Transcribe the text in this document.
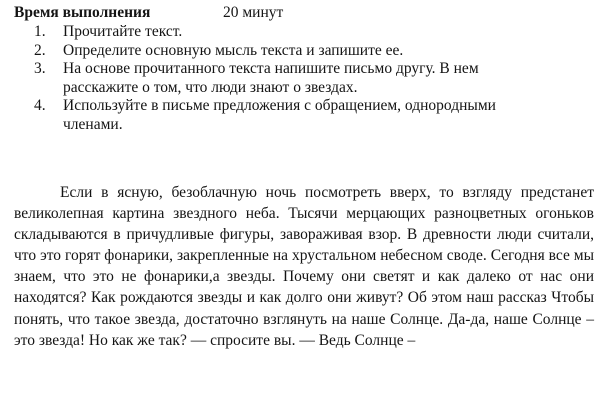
Время выполнения	20 минут
1. Прочитайте текст.
2. Определите основную мысль текста и запишите ее.
3. На основе прочитанного текста напишите письмо другу. В нем расскажите о том, что люди знают о звездах.
4. Используйте в письме предложения с обращением, однородными членами.

Если в ясную, безоблачную ночь посмотреть вверх, то взгляду предстанет великолепная картина звездного неба. Тысячи мерцающих разноцветных огоньков складываются в причудливые фигуры, завораживая взор. В древности люди считали, что это горят фонарики, закрепленные на хрустальном небесном своде. Сегодня все мы знаем, что это не фонарики,а звезды. Почему они светят и как далеко от нас они находятся? Как рождаются звезды и как долго они живут? Об этом наш рассказ Чтобы понять, что такое звезда, достаточно взглянуть на наше Солнце. Да-да, наше Солнце – это звезда! Но как же так? — спросите вы. — Ведь Солнце –
